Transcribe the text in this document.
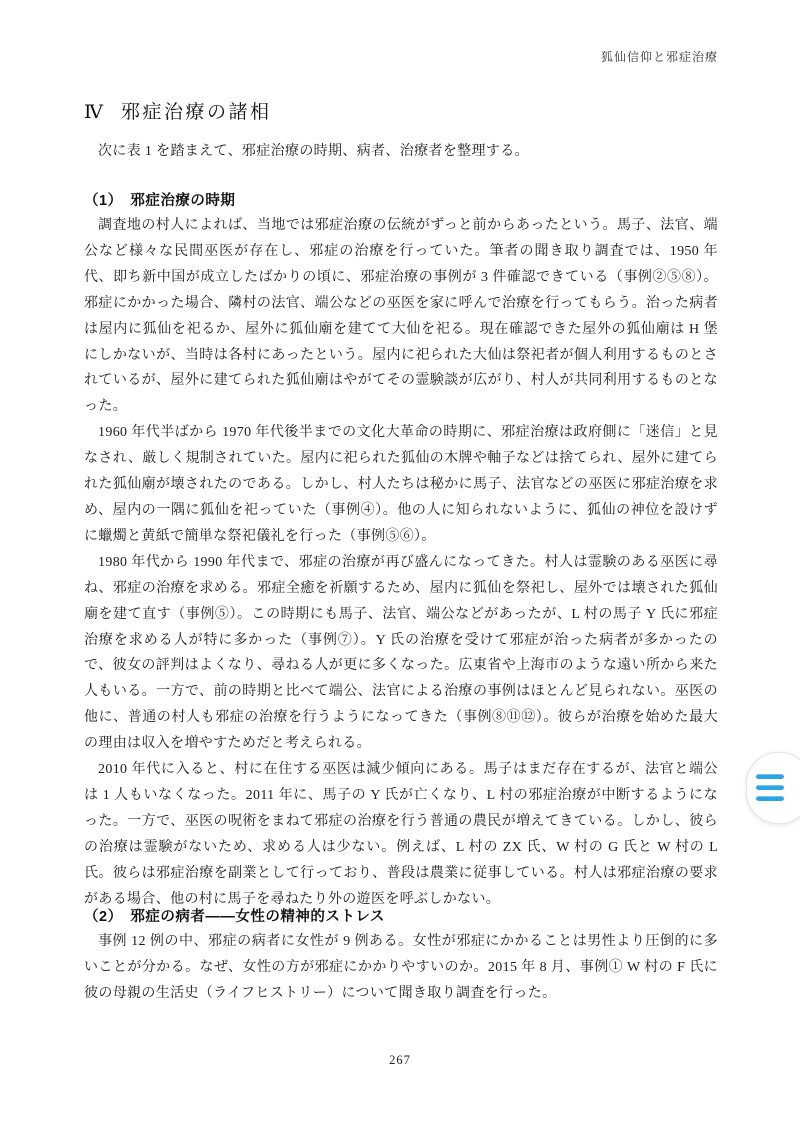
狐仙信仰と邪症治療
Ⅳ 邪症治療の諸相
次に表 1 を踏まえて、邪症治療の時期、病者、治療者を整理する。
（1）　邪症治療の時期

調査地の村人によれば、当地では邪症治療の伝統がずっと前からあったという。馬子、法官、端公など様々な民間巫医が存在し、邪症の治療を行っていた。筆者の聞き取り調査では、1950 年代、即ち新中国が成立したばかりの頃に、邪症治療の事例が 3 件確認できている（事例②⑤⑧）。邪症にかかった場合、隣村の法官、端公などの巫医を家に呼んで治療を行ってもらう。治った病者は屋内に狐仙を祀るか、屋外に狐仙廟を建てて大仙を祀る。現在確認できた屋外の狐仙廟は H 堡にしかないが、当時は各村にあったという。屋内に祀られた大仙は祭祀者が個人利用するものとされているが、屋外に建てられた狐仙廟はやがてその霊験談が広がり、村人が共同利用するものとなった。

1960 年代半ばから 1970 年代後半までの文化大革命の時期に、邪症治療は政府側に「迷信」と見なされ、厳しく規制されていた。屋内に祀られた狐仙の木牌や軸子などは捨てられ、屋外に建てられた狐仙廟が壊されたのである。しかし、村人たちは秘かに馬子、法官などの巫医に邪症治療を求め、屋内の一隅に狐仙を祀っていた（事例④）。他の人に知られないように、狐仙の神位を設けずに蠟燭と黄紙で簡単な祭祀儀礼を行った（事例⑤⑥）。

1980 年代から 1990 年代まで、邪症の治療が再び盛んになってきた。村人は霊験のある巫医に尋ね、邪症の治療を求める。邪症全癒を祈願するため、屋内に狐仙を祭祀し、屋外では壊された狐仙廟を建て直す（事例⑤）。この時期にも馬子、法官、端公などがあったが、L 村の馬子 Y 氏に邪症治療を求める人が特に多かった（事例⑦）。Y 氏の治療を受けて邪症が治った病者が多かったので、彼女の評判はよくなり、尋ねる人が更に多くなった。広東省や上海市のような遠い所から来た人もいる。一方で、前の時期と比べて端公、法官による治療の事例はほとんど見られない。巫医の他に、普通の村人も邪症の治療を行うようになってきた（事例⑧⑪⑫）。彼らが治療を始めた最大の理由は収入を増やすためだと考えられる。

2010 年代に入ると、村に在住する巫医は減少傾向にある。馬子はまだ存在するが、法官と端公は 1 人もいなくなった。2011 年に、馬子の Y 氏が亡くなり、L 村の邪症治療が中断するようになった。一方で、巫医の呪術をまねて邪症の治療を行う普通の農民が増えてきている。しかし、彼らの治療は霊験がないため、求める人は少ない。例えば、L 村の ZX 氏、W 村の G 氏と W 村の L 氏。彼らは邪症治療を副業として行っており、普段は農業に従事している。村人は邪症治療の要求がある場合、他の村に馬子を尋ねたり外の遊医を呼ぶしかない。

（2）　邪症の病者——女性の精神的ストレス

事例 12 例の中、邪症の病者に女性が 9 例ある。女性が邪症にかかることは男性より圧倒的に多いことが分かる。なぜ、女性の方が邪症にかかりやすいのか。2015 年 8 月、事例① W 村の F 氏に彼の母親の生活史（ライフヒストリー）について聞き取り調査を行った。

267
